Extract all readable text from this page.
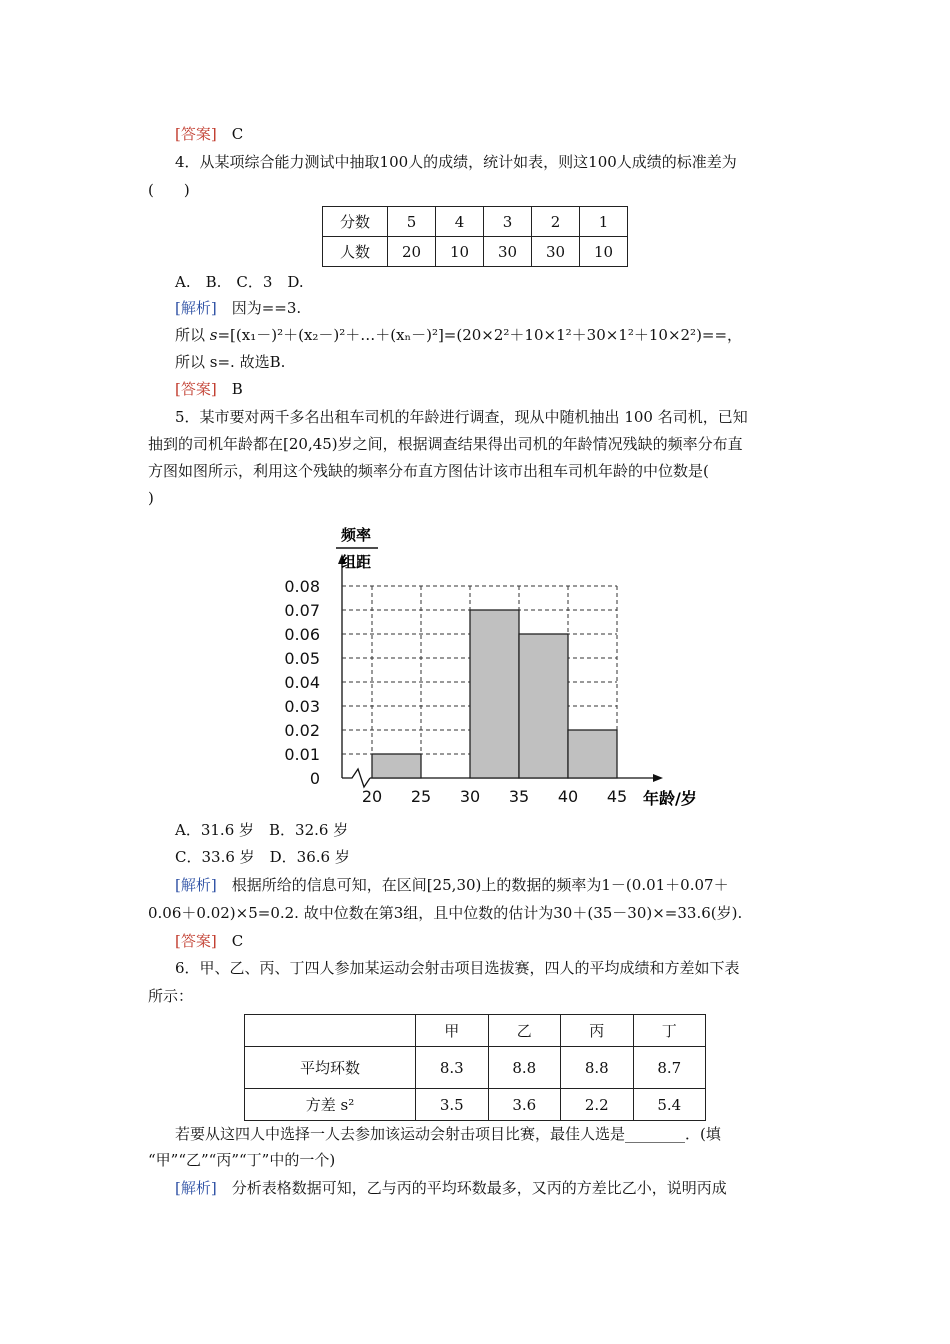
[答案]　 C
4．从某项综合能力测试中抽取100人的成绩，统计如表，则这100人成绩的标准差为
(　　)
分数	5	4	3	2	1
人数	20	10	30	30	10
A.　B.　C．3　D.
[解析]　 因为==3.
所以 s=[(x₁－)²＋(x₂－)²＋…＋(xₙ－)²]=(20×2²＋10×1²＋30×1²＋10×2²)==，
所以 s=. 故选B.
[答案]　 B
5．某市要对两千多名出租车司机的年龄进行调查，现从中随机抽出 100 名司机，已知
抽到的司机年龄都在[20,45)岁之间，根据调查结果得出司机的年龄情况残缺的频率分布直
方图如图所示，利用这个残缺的频率分布直方图估计该市出租车司机年龄的中位数是(
)
频率
组距
年龄/岁
0
0.01
0.02
0.03
0.04
0.05
0.06
0.07
0.08
20 25 30 35 40 45
A．31.6 岁　B．32.6 岁
C．33.6 岁　D．36.6 岁
[解析]　 根据所给的信息可知，在区间[25,30)上的数据的频率为1－(0.01＋0.07＋
0.06＋0.02)×5=0.2. 故中位数在第3组，且中位数的估计为30＋(35－30)×=33.6(岁).
[答案]　 C
6．甲、乙、丙、丁四人参加某运动会射击项目选拔赛，四人的平均成绩和方差如下表
所示：
	甲	乙	丙	丁
平均环数	8.3	8.8	8.8	8.7
方差 s²	3.5	3.6	2.2	5.4
若要从这四人中选择一人去参加该运动会射击项目比赛，最佳人选是________．(填
“甲”“乙”“丙”“丁”中的一个)
[解析]　 分析表格数据可知，乙与丙的平均环数最多，又丙的方差比乙小，说明丙成
